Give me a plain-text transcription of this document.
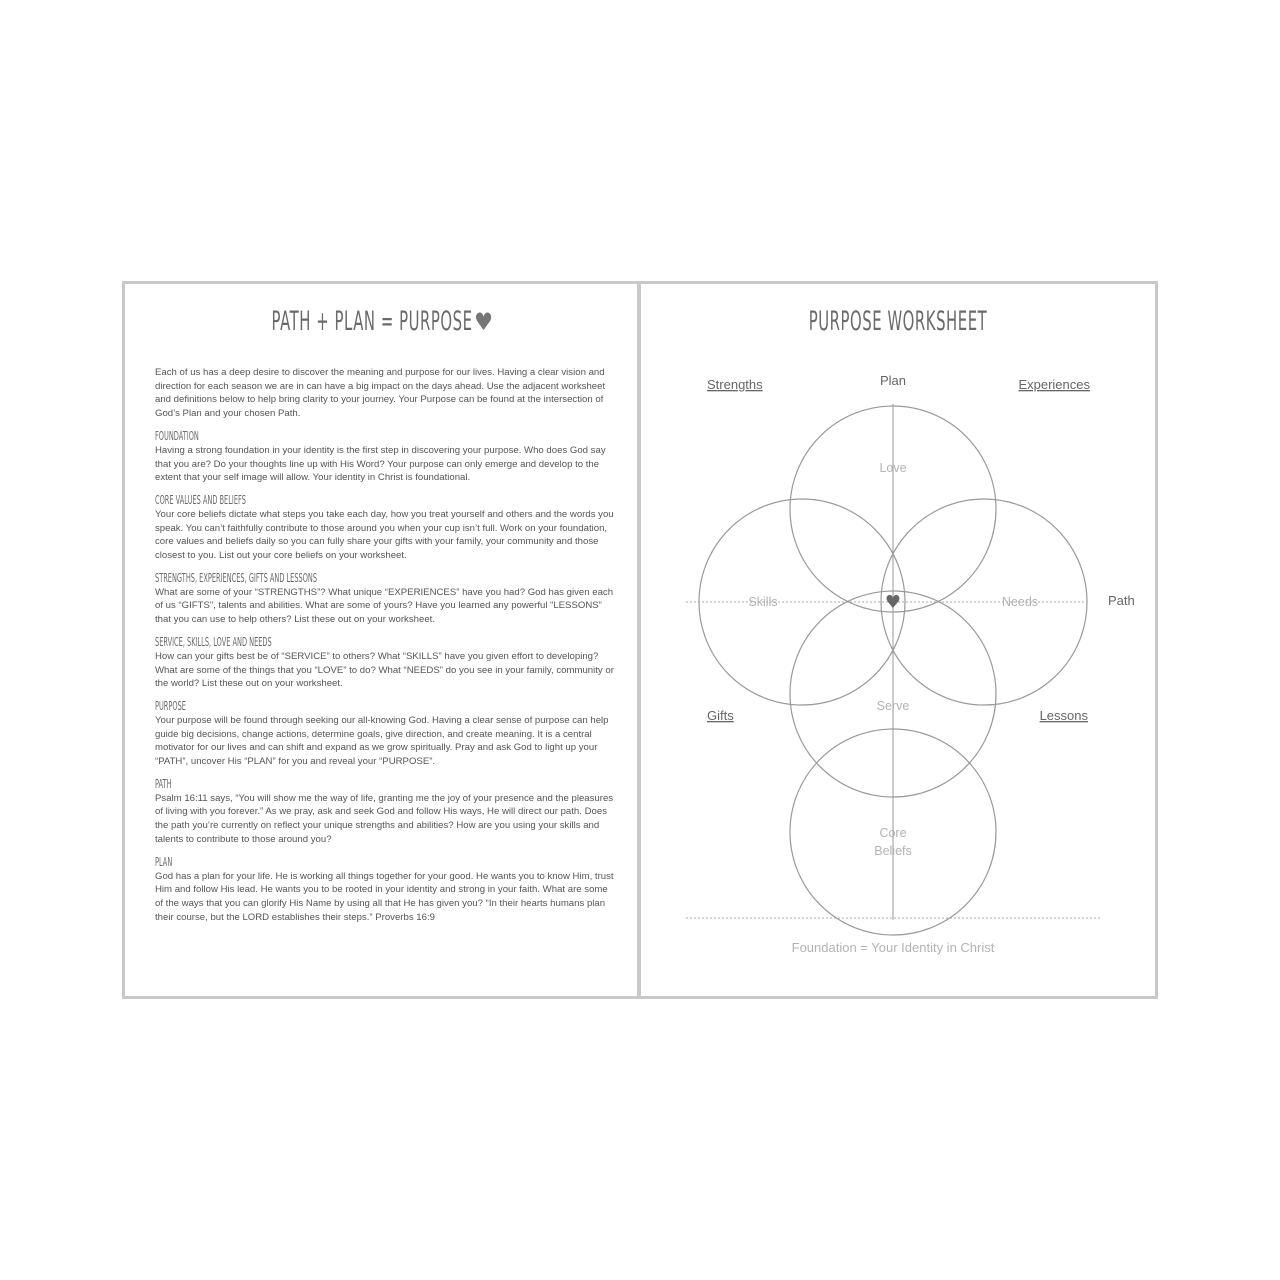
PATH + PLAN = PURPOSE♥

Each of us has a deep desire to discover the meaning and purpose for our lives. Having a clear vision and direction for each season we are in can have a big impact on the days ahead. Use the adjacent worksheet and definitions below to help bring clarity to your journey. Your Purpose can be found at the intersection of God’s Plan and your chosen Path.

FOUNDATION

Having a strong foundation in your identity is the first step in discovering your purpose. Who does God say that you are? Do your thoughts line up with His Word? Your purpose can only emerge and develop to the extent that your self image will allow. Your identity in Christ is foundational.

CORE VALUES AND BELIEFS

Your core beliefs dictate what steps you take each day, how you treat yourself and others and the words you speak. You can’t faithfully contribute to those around you when your cup isn’t full. Work on your foundation, core values and beliefs daily so you can fully share your gifts with your family, your community and those closest to you. List out your core beliefs on your worksheet.

STRENGTHS, EXPERIENCES, GIFTS AND LESSONS

What are some of your “STRENGTHS”? What unique “EXPERIENCES” have you had? God has given each of us “GIFTS”, talents and abilities. What are some of yours? Have you learned any powerful “LESSONS” that you can use to help others? List these out on your worksheet.

SERVICE, SKILLS, LOVE AND NEEDS

How can your gifts best be of “SERVICE” to others? What “SKILLS” have you given effort to developing? What are some of the things that you “LOVE” to do? What “NEEDS” do you see in your family, community or the world? List these out on your worksheet.

PURPOSE

Your purpose will be found through seeking our all-knowing God. Having a clear sense of purpose can help guide big decisions, change actions, determine goals, give direction, and create meaning. It is a central motivator for our lives and can shift and expand as we grow spiritually. Pray and ask God to light up your “PATH”, uncover His “PLAN” for you and reveal your “PURPOSE”.

PATH

Psalm 16:11 says, “You will show me the way of life, granting me the joy of your presence and the pleasures of living with you forever.” As we pray, ask and seek God and follow His ways, He will direct our path. Does the path you’re currently on reflect your unique strengths and abilities? How are you using your skills and talents to contribute to those around you?

PLAN

God has a plan for your life. He is working all things together for your good. He wants you to know Him, trust Him and follow His lead. He wants you to be rooted in your identity and strong in your faith. What are some of the ways that you can glorify His Name by using all that He has given you? “In their hearts humans plan their course, but the LORD establishes their steps.” Proverbs 16:9

PURPOSE WORKSHEET
♥
Love
Skills	Needs
Serve
Core
Beliefs
Plan
Path
Strengths	Experiences
Gifts	Lessons
Foundation = Your Identity in Christ
